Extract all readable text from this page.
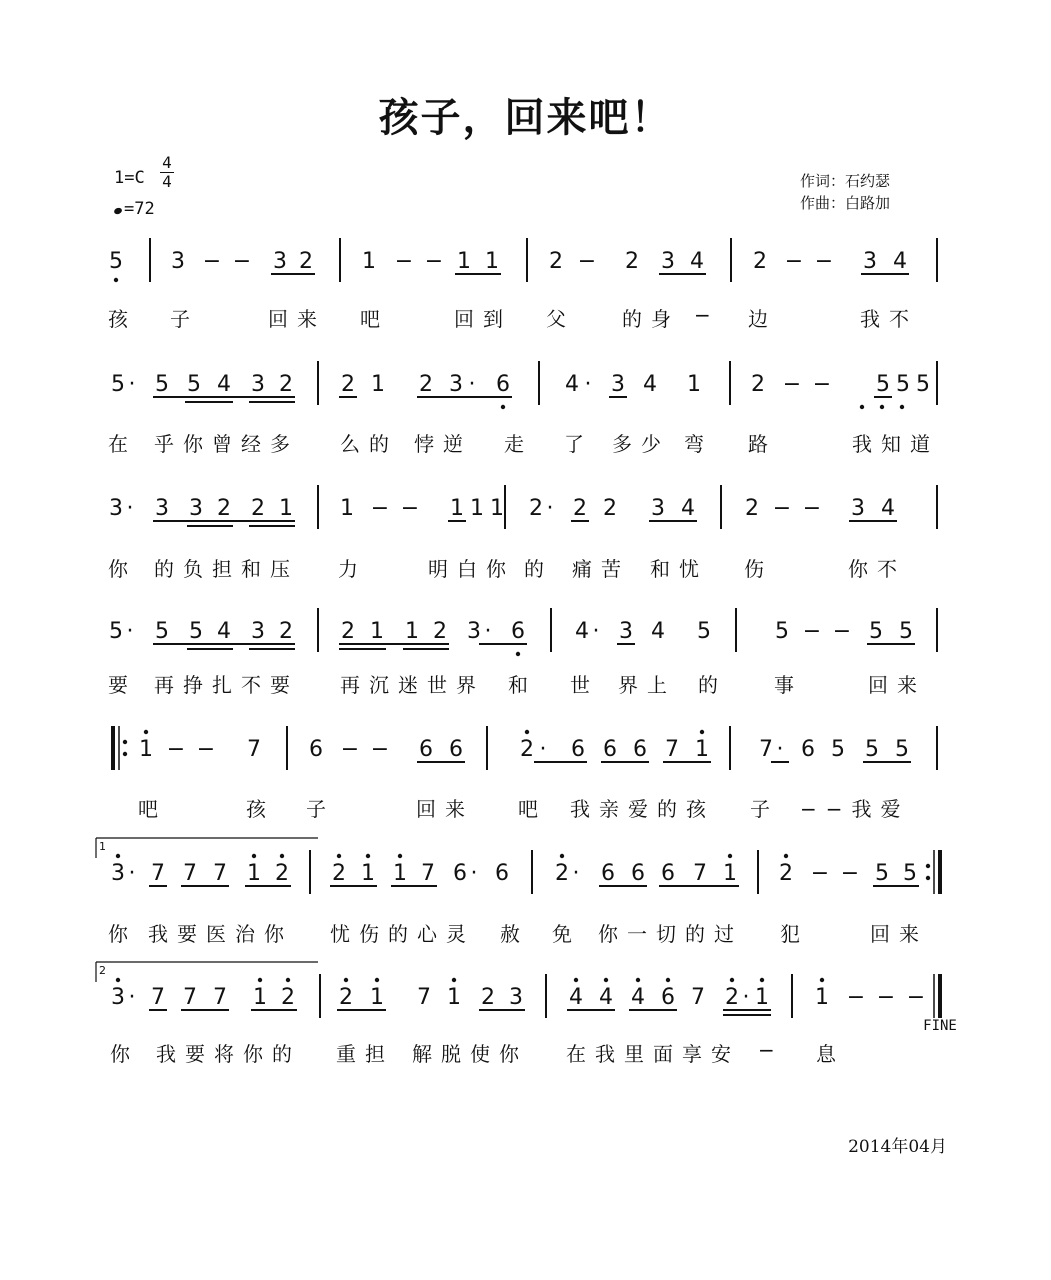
孩子，回来吧！
1=C
4
4
=72
作词：石约瑟
作曲：白路加
5 3 − − 3 2 1 − − 1 1 2 − 2 3 4 2 − − 3 4
5 · 5 5 4 3 2 2 1 2 3 · 6	4 · 3 4 1 2 − − 5 5 5
3 · 3 3 2 2 1 1 − − 1 1 1 2 · 2 2 3 4 2 − − 3 4
5 · 5 5 4 3 2 2 1 1 2 3 · 6 4 · 3 4 5	5 − − 5 5
1 − − 7 6 − − 6 6	2 · 6 6 6 7 1 7 · 6 5 5 5
3 · 7 7 7 1 2 2 1 1 7 6 · 6 2 · 6 6 6 7 1 2 − − 5 5
1
3 · 7 7 7 1 2 2 1 7 1 2 3 4 4 4 6 7 2 · 1 1 − − −
FINE
2
孩 子	回来 吧	回到 父 的身 − 边	我不
在 乎你曾经多 么的 悖逆 走 了 多少 弯 路	我知道
你 的负担和压 力	明白你 的 痛苦 和忧 伤	你不
要 再挣扎不要 再沉迷世界 和 世 界上 的 事	回来
吧	孩 子	回来 吧 我亲爱的孩 子 −−我爱
你 我要医治你 忧伤的心灵 赦 免 你一切的过 犯	回来
你 我要将你的 重担 解脱使你 在我里面享安 − 息
2014年04月
